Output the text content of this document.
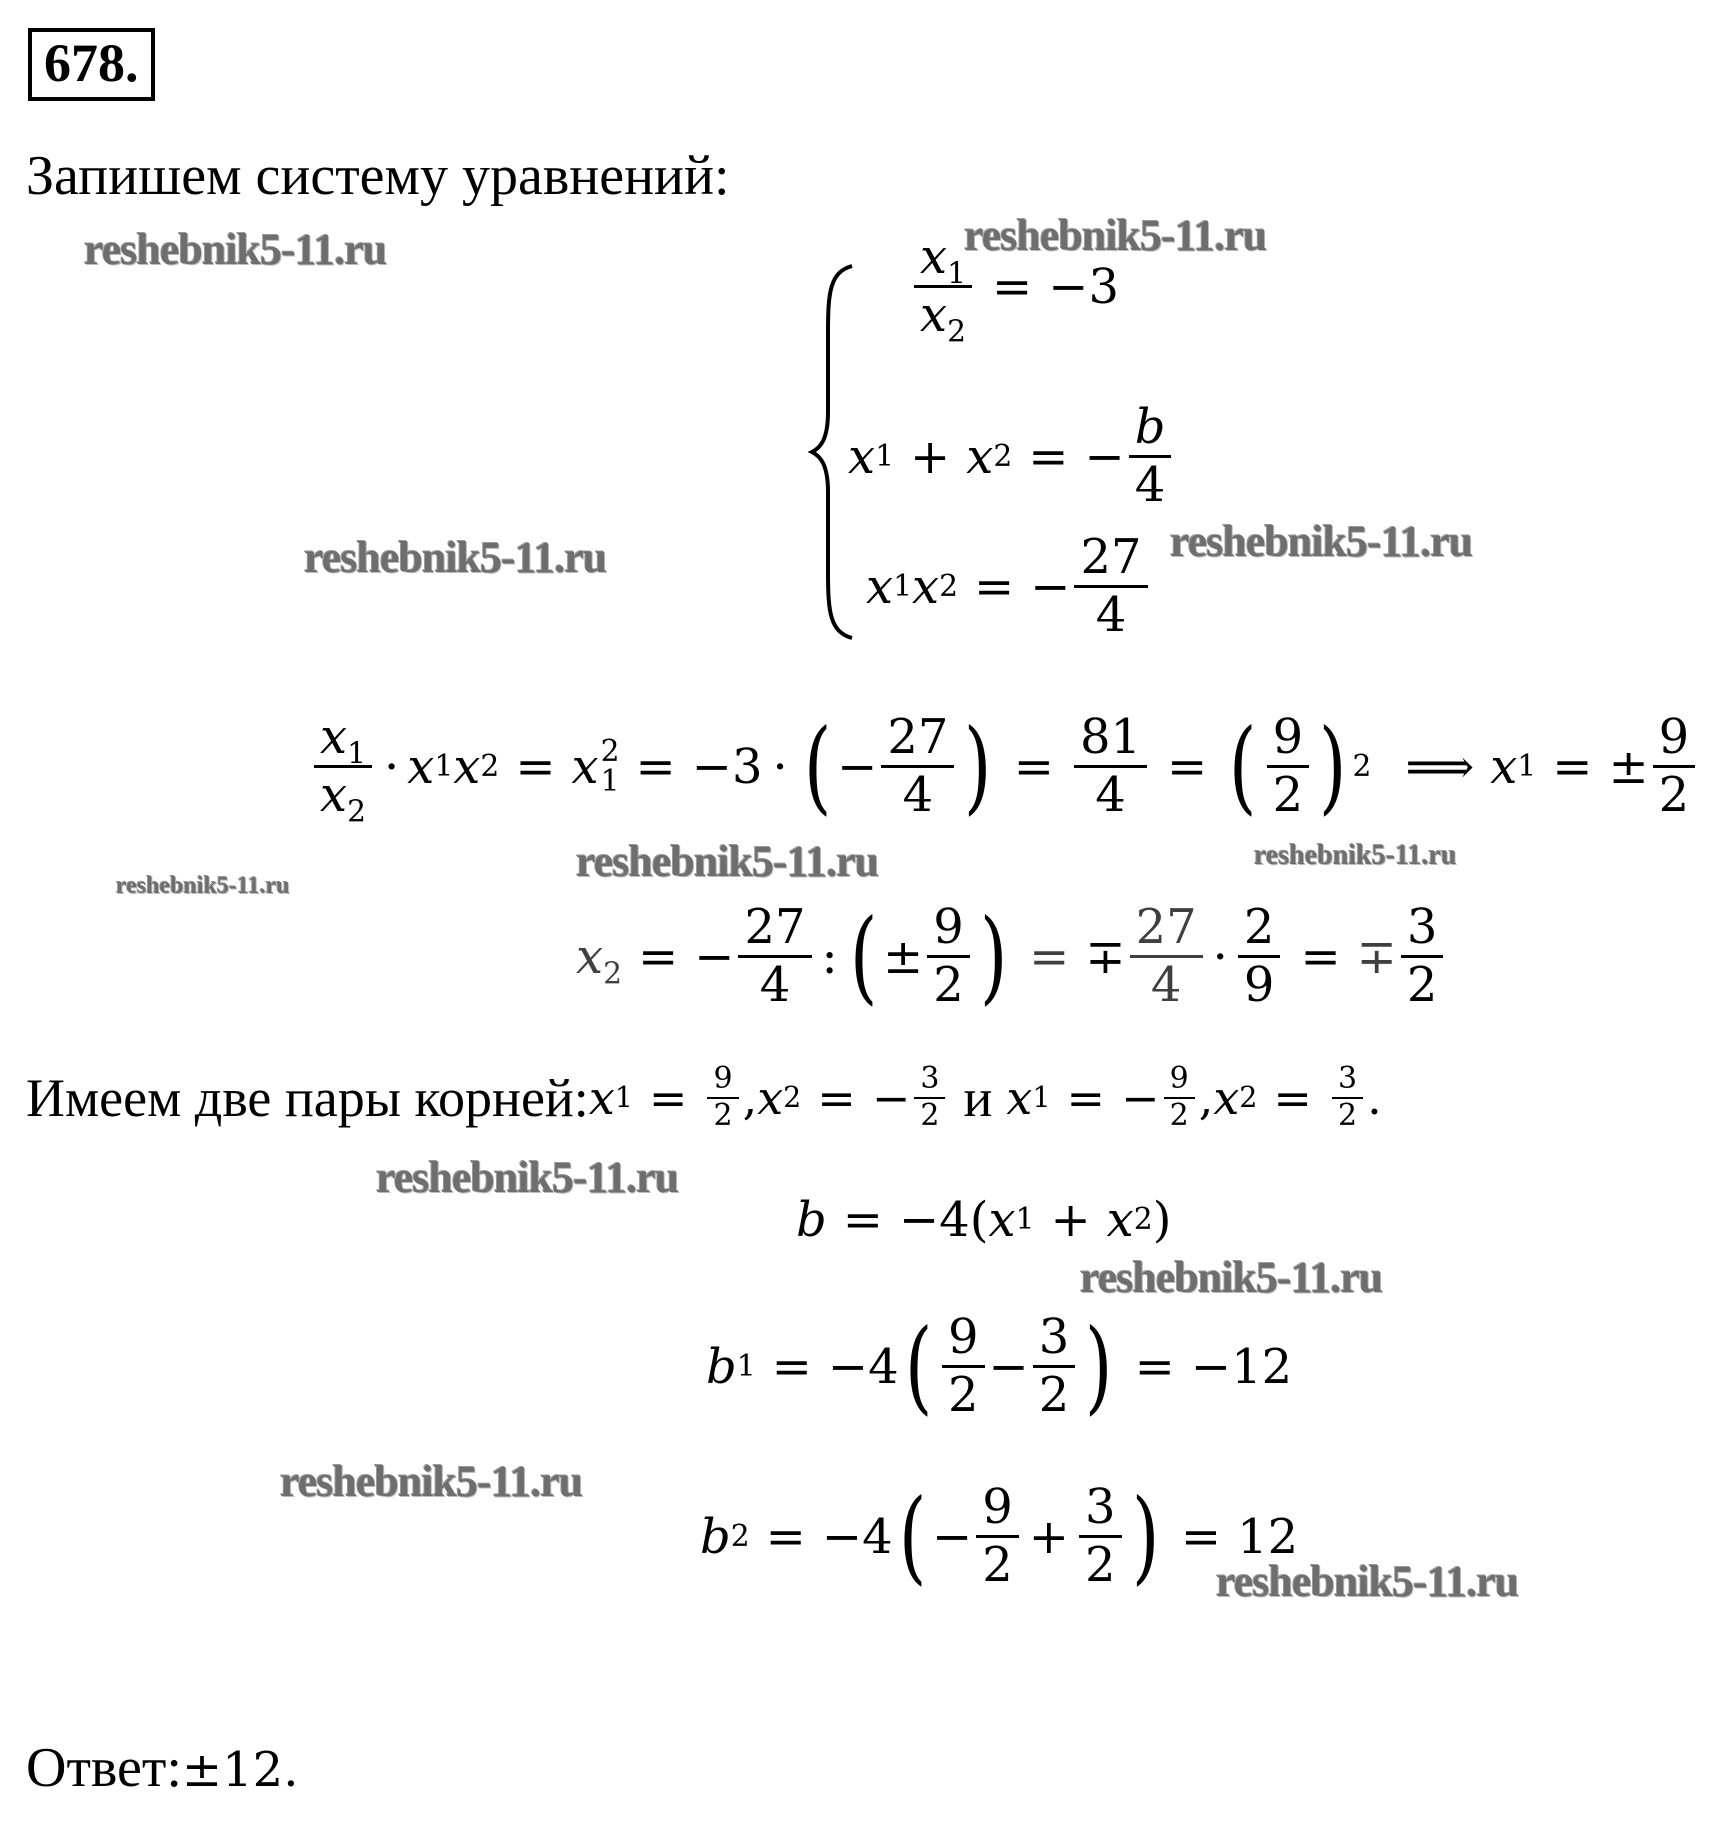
678.
Запишем систему уравнений:
$\frac{x_1}{x_2} = -3$
x 1 + x 2 = − $\frac{b}{4}$
x 1 x 2 = − $\frac{27}{4}$
$\frac{x_1}{x_2} \cdot x$ 1 x 2 = x 2
1 = −3 · ( − $\frac{27}{4}$ ) = $\frac{81}{4}$ = ( $\frac{9}{2}$ ) 2 ⟹ x 1 = ± $\frac{9}{2}$
$x_2$ = − $\frac{27}{4}$ : ( ± $\frac{9}{2}$ ) = ∓ $\frac{27}{4} \cdot \frac{2}{9}$ = ∓ $\frac{3}{2}$
Имеем две пары корней: x $1 = \frac{9}{2}$ , x 2 = − $\frac{3}{2}$ и x 1 = − $\frac{9}{2}$ , x $2 = \frac{3}{2}$ .
b = −4( x 1 + x 2 )
b 1 = −4 ( $\frac{9}{2} - \frac{3}{2}$ ) = −12
b 2 = −4 ( − $\frac{9}{2} + \frac{3}{2}$ ) = 12
Ответ: ±12.
reshebnik5-11.ru	reshebnik5-11.ru
reshebnik5-11.ru	reshebnik5-11.ru
reshebnik5-11.ru	reshebnik5-11.ru
reshebnik5-11.ru
reshebnik5-11.ru
reshebnik5-11.ru
reshebnik5-11.ru
reshebnik5-11.ru
